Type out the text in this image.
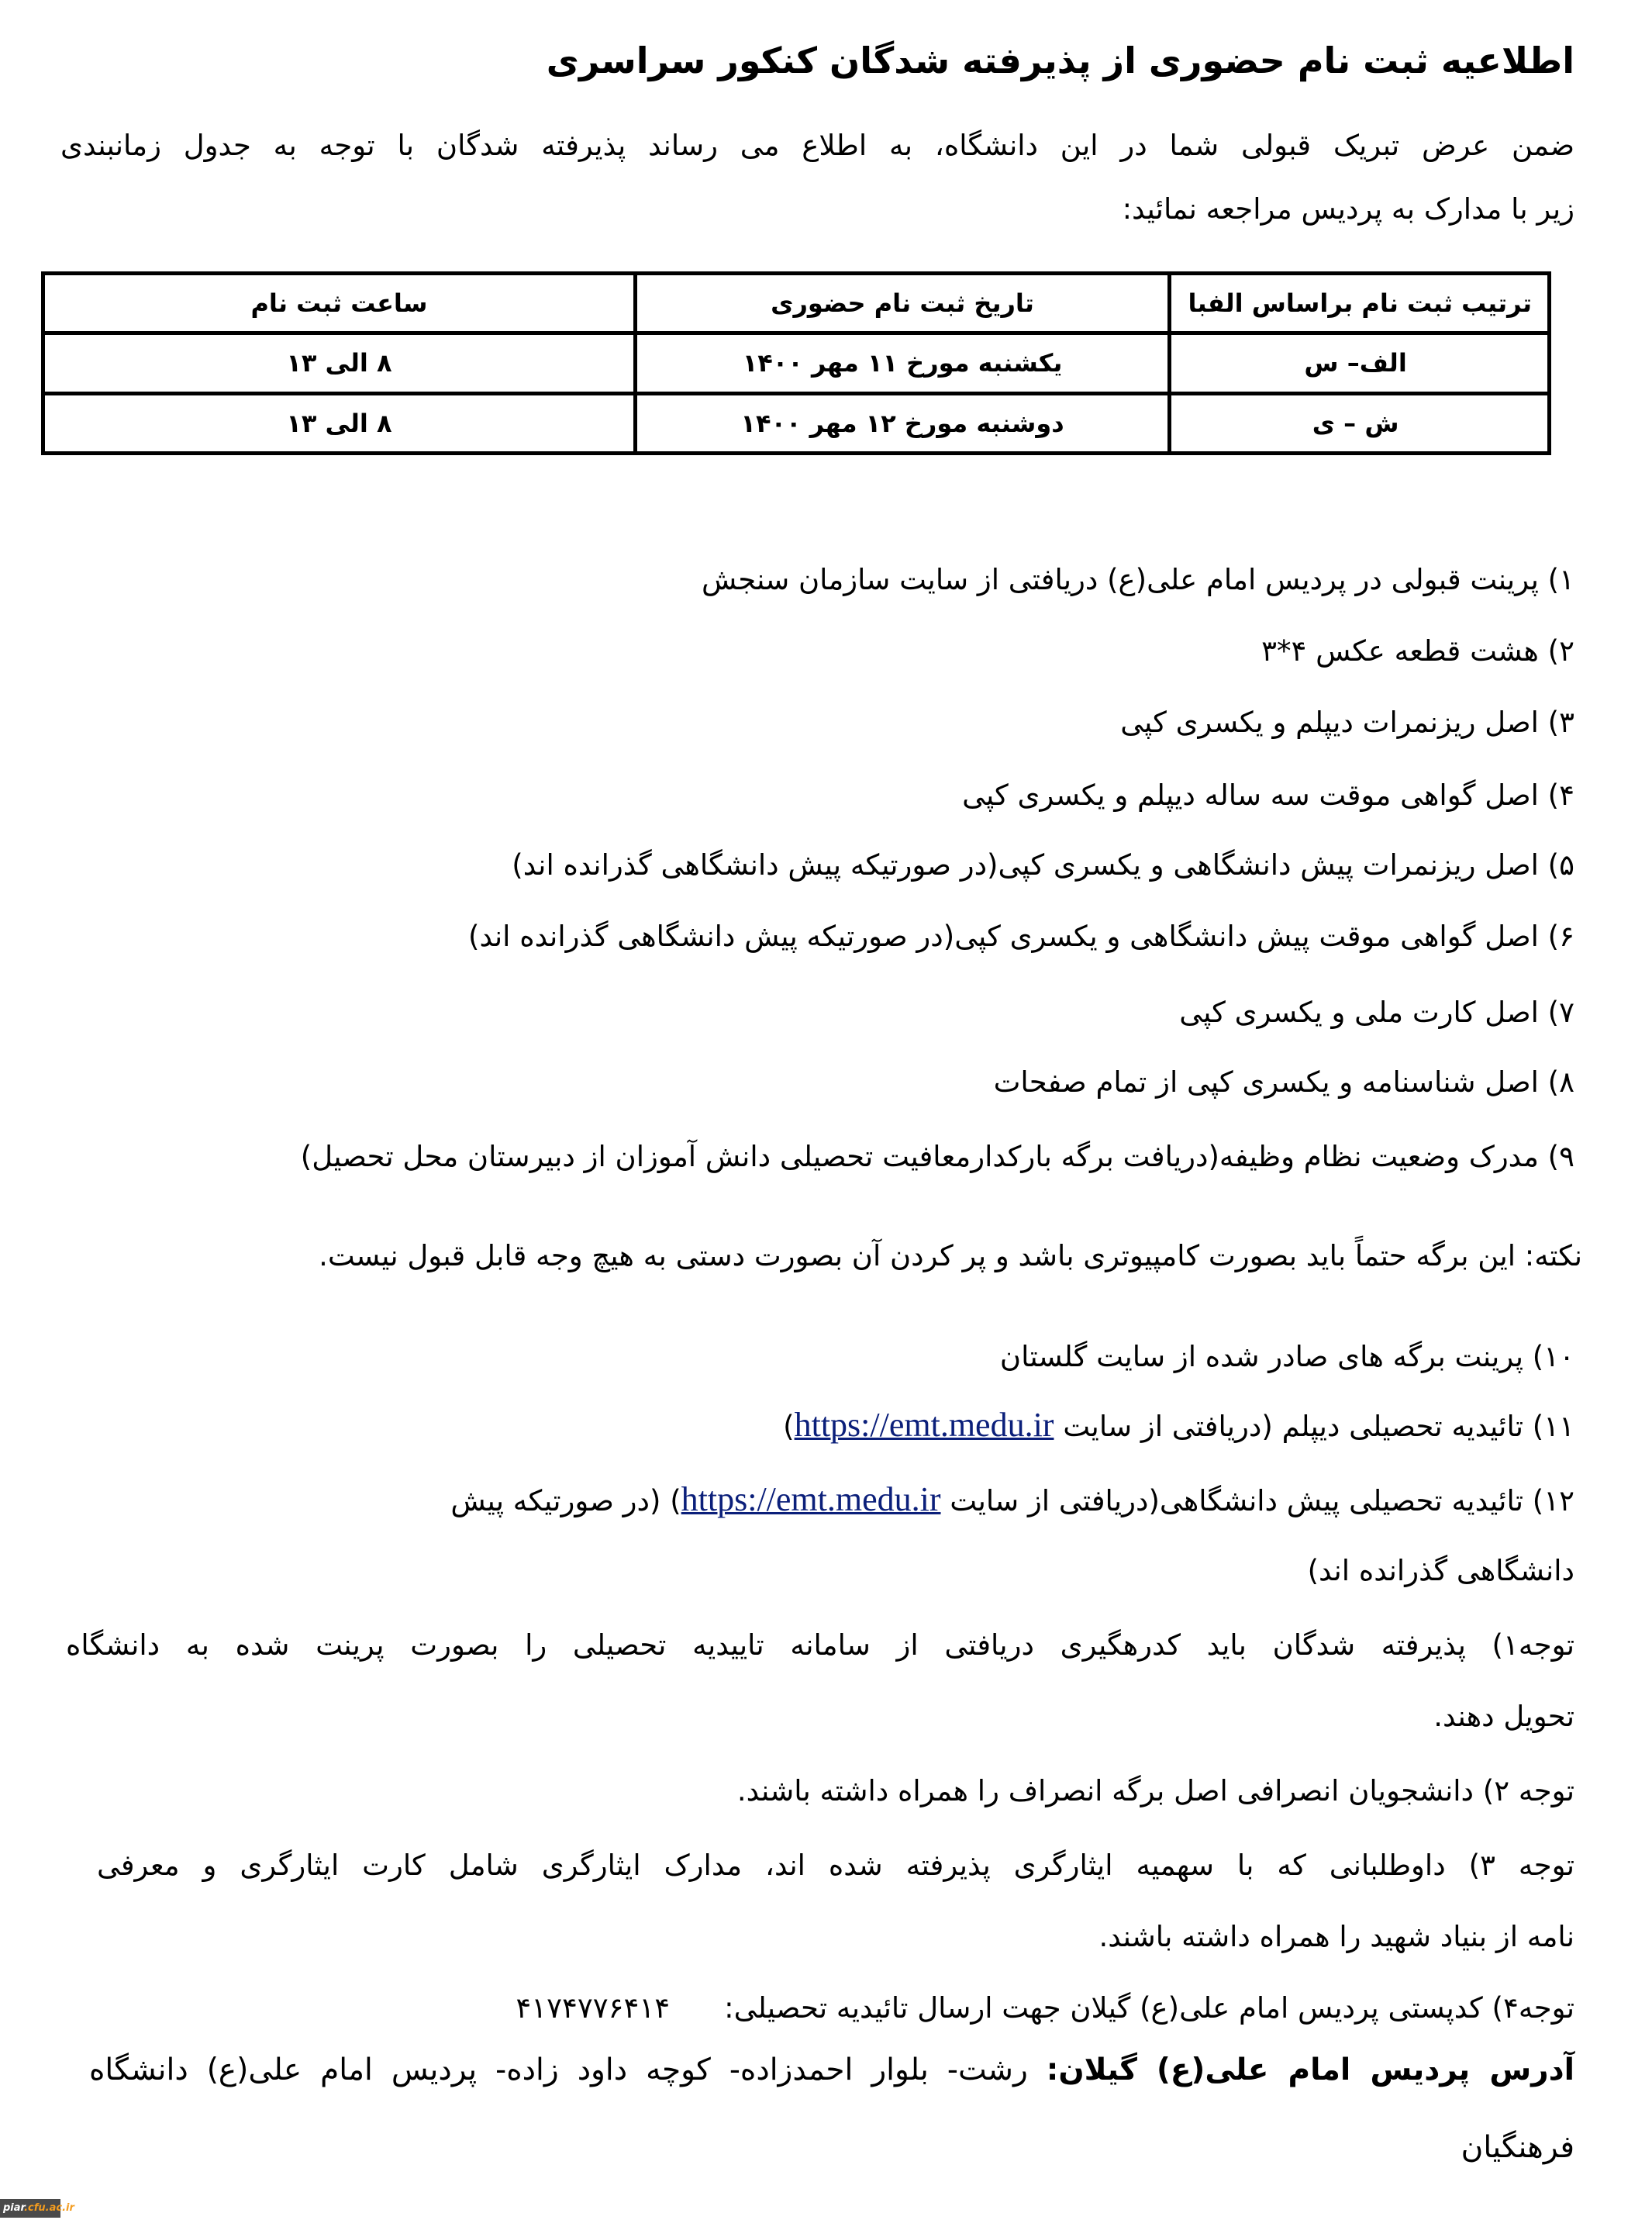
اطلاعیه ثبت نام حضوری از پذیرفته شدگان کنکور سراسری
ضمن عرض تبریک قبولی شما در این دانشگاه، به اطلاع می رساند پذیرفته شدگان با توجه به جدول زمانبندی
زیر با مدارک به پردیس مراجعه نمائید:
ترتیب ثبت نام براساس الفبا	تاریخ ثبت نام حضوری	ساعت ثبت نام
الف– س	یکشنبه مورخ ۱۱ مهر ۱۴۰۰	۸ الی ۱۳
ش – ی	دوشنبه مورخ ۱۲ مهر ۱۴۰۰	۸ الی ۱۳
۱) پرینت قبولی در پردیس امام علی(ع) دریافتی از سایت سازمان سنجش
۲) هشت قطعه عکس ۴*۳
۳) اصل ریزنمرات دیپلم و یکسری کپی
۴) اصل گواهی موقت سه ساله دیپلم و یکسری کپی
۵) اصل ریزنمرات پیش دانشگاهی و یکسری کپی(در صورتیکه پیش دانشگاهی گذرانده اند)
۶) اصل گواهی موقت پیش دانشگاهی و یکسری کپی(در صورتیکه پیش دانشگاهی گذرانده اند)
۷) اصل کارت ملی و یکسری کپی
۸) اصل شناسنامه و یکسری کپی از تمام صفحات
۹) مدرک وضعیت نظام وظیفه(دریافت برگه بارکدارمعافیت تحصیلی دانش آموزان از دبیرستان محل تحصیل)
نکته: این برگه حتماً باید بصورت کامپیوتری باشد و پر کردن آن بصورت دستی به هیچ وجه قابل قبول نیست.
۱۰) پرینت برگه های صادر شده از سایت گلستان
۱۱) تائیدیه تحصیلی دیپلم (دریافتی از سایت https://emt.medu.ir)
۱۲) تائیدیه تحصیلی پیش دانشگاهی(دریافتی از سایت https://emt.medu.ir) (در صورتیکه پیش
دانشگاهی گذرانده اند)
توجه۱) پذیرفته شدگان باید کدرهگیری دریافتی از سامانه تاییدیه تحصیلی را بصورت پرینت شده به دانشگاه
تحویل دهند.
توجه ۲) دانشجویان انصرافی اصل برگه انصراف را همراه داشته باشند.
توجه ۳) داوطلبانی که با سهمیه ایثارگری پذیرفته شده اند، مدارک ایثارگری شامل کارت ایثارگری و معرفی
نامه از بنیاد شهید را همراه داشته باشند.
توجه۴) کدپستی پردیس امام علی(ع) گیلان جهت ارسال تائیدیه تحصیلی:۴۱۷۴۷۷۶۴۱۴
آدرس پردیس امام علی(ع) گیلان: رشت- بلوار احمدزاده- کوچه داود زاده- پردیس امام علی(ع) دانشگاه
فرهنگیان
piar.cfu.ac.ir
